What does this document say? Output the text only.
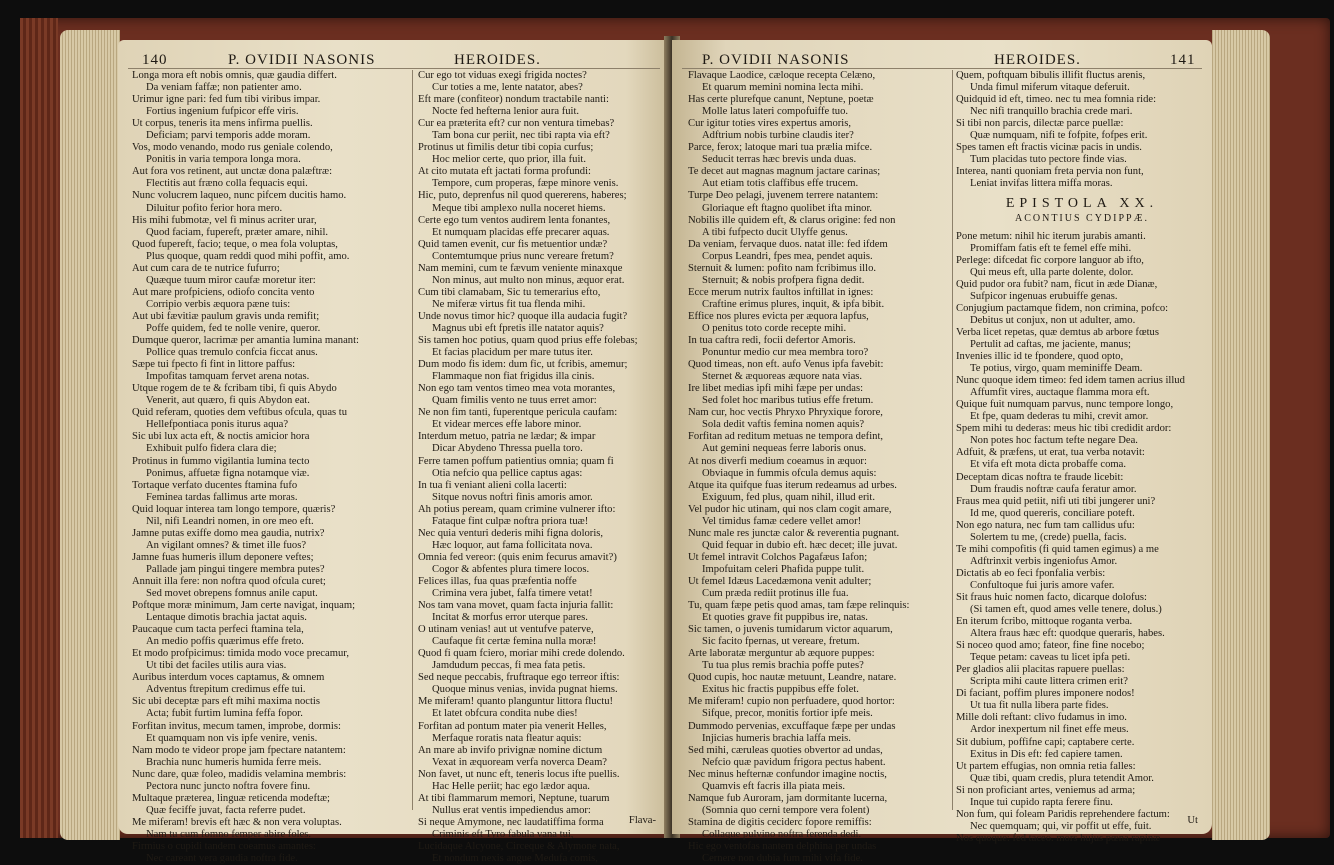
140	P. OVIDII NASONIS	HEROIDES.
Longa mora eft nobis omnis, quæ gaudia differt.
Da veniam faffæ; non patienter amo.
Urimur igne pari: fed fum tibi viribus impar.
Fortius ingenium fufpicor effe viris.
Ut corpus, teneris ita mens infirma puellis.
Deficiam; parvi temporis adde moram.
Vos, modo venando, modo rus geniale colendo,
Ponitis in varia tempora longa mora.
Aut fora vos retinent, aut unctæ dona palæftræ:
Flectitis aut fræno colla fequacis equi.
Nunc volucrem laqueo, nunc pifcem ducitis hamo.
Diluitur pofito ferior hora mero.
His mihi fubmotæ, vel fi minus acriter urar,
Quod faciam, fupereft, præter amare, nihil.
Quod fupereft, facio; teque, o mea fola voluptas,
Plus quoque, quam reddi quod mihi poffit, amo.
Aut cum cara de te nutrice fufurro;
Quæque tuum miror caufæ moretur iter:
Aut mare profpiciens, odiofo concita vento
Corripio verbis æquora pæne tuis:
Aut ubi fævitiæ paulum gravis unda remifit;
Poffe quidem, fed te nolle venire, queror.
Dumque queror, lacrimæ per amantia lumina manant:
Pollice quas tremulo confcia ficcat anus.
Sæpe tui fpecto fi fint in littore paffus:
Impofitas tamquam fervet arena notas.
Utque rogem de te & fcribam tibi, fi quis Abydo
Venerit, aut quæro, fi quis Abydon eat.
Quid referam, quoties dem veftibus ofcula, quas tu
Hellefpontiaca ponis iturus aqua?
Sic ubi lux acta eft, & noctis amicior hora
Exhibuit pulfo fidera clara die;
Protinus in fummo vigilantia lumina tecto
Ponimus, affuetæ figna notamque viæ.
Tortaque verfato ducentes ftamina fufo
Feminea tardas fallimus arte moras.
Quid loquar interea tam longo tempore, quæris?
Nil, nifi Leandri nomen, in ore meo eft.
Jamne putas exiffe domo mea gaudia, nutrix?
An vigilant omnes? & timet ille fuos?
Jamne fuas humeris illum deponere veftes;
Pallade jam pingui tingere membra putes?
Annuit illa fere: non noftra quod ofcula curet;
Sed movet obrepens fomnus anile caput.
Poftque moræ minimum, Jam certe navigat, inquam;
Lentaque dimotis brachia jactat aquis.
Paucaque cum tacta perfeci ftamina tela,
An medio poffis quærimus effe freto.
Et modo profpicimus: timida modo voce precamur,
Ut tibi det faciles utilis aura vias.
Auribus interdum voces captamus, & omnem
Adventus ftrepitum credimus effe tui.
Sic ubi deceptæ pars eft mihi maxima noctis
Acta; fubit furtim lumina feffa fopor.
Forfitan invitus, mecum tamen, improbe, dormis:
Et quamquam non vis ipfe venire, venis.
Nam modo te videor prope jam fpectare natantem:
Brachia nunc humeris humida ferre meis.
Nunc dare, quæ foleo, madidis velamina membris:
Pectora nunc juncto noftra fovere finu.
Multaque præterea, linguæ reticenda modeftæ;
Quæ feciffe juvat, facta referre pudet.
Me miferam! brevis eft hæc & non vera voluptas.
Nam tu cum fomno femper abire foles.
Firmius o cupidi tandem coeamus amantes:
Nec careant vera gaudia noftra fide.
Cur ego tot viduas exegi frigida noctes?
Cur toties a me, lente natator, abes?
Eft mare (confiteor) nondum tractabile nanti:
Nocte fed hefterna lenior aura fuit.
Cur ea præterita eft? cur non ventura timebas?
Tam bona cur periit, nec tibi rapta via eft?
Protinus ut fimilis detur tibi copia curfus;
Hoc melior certe, quo prior, illa fuit.
At cito mutata eft jactati forma profundi:
Tempore, cum properas, fæpe minore venis.
Hic, puto, deprenfus nil quod quererens, haberes;
Meque tibi amplexo nulla noceret hiems.
Certe ego tum ventos audirem lenta fonantes,
Et numquam placidas effe precarer aquas.
Quid tamen evenit, cur fis metuentior undæ?
Contemtumque prius nunc vereare fretum?
Nam memini, cum te fævum veniente minaxque
Non minus, aut multo non minus, æquor erat.
Cum tibi clamabam, Sic tu temerarius efto,
Ne miferæ virtus fit tua flenda mihi.
Unde novus timor hic? quoque illa audacia fugit?
Magnus ubi eft fpretis ille natator aquis?
Sis tamen hoc potius, quam quod prius effe folebas;
Et facias placidum per mare tutus iter.
Dum modo fis idem: dum fic, ut fcribis, amemur;
Flammaque non fiat frigidus illa cinis.
Non ego tam ventos timeo mea vota morantes,
Quam fimilis vento ne tuus erret amor:
Ne non fim tanti, fuperentque pericula caufam:
Et videar merces effe labore minor.
Interdum metuo, patria ne lædar; & impar
Dicar Abydeno Thressa puella toro.
Ferre tamen poffum patientius omnia; quam fi
Otia nefcio qua pellice captus agas:
In tua fi veniant alieni colla lacerti:
Sitque novus noftri finis amoris amor.
Ah potius peream, quam crimine vulnerer ifto:
Fataque fint culpæ noftra priora tuæ!
Nec quia venturi dederis mihi figna doloris,
Hæc loquor, aut fama follicitata nova.
Omnia fed vereor: (quis enim fecurus amavit?)
Cogor & abfentes plura timere locos.
Felices illas, fua quas præfentia noffe
Crimina vera jubet, falfa timere vetat!
Nos tam vana movet, quam facta injuria fallit:
Incitat & morfus error uterque pares.
O utinam venias! aut ut ventufve paterve,
Caufaque fit certæ femina nulla moræ!
Quod fi quam fciero, moriar mihi crede dolendo.
Jamdudum peccas, fi mea fata petis.
Sed neque peccabis, fruftraque ego terreor iftis:
Quoque minus venias, invida pugnat hiems.
Me miferam! quanto planguntur littora fluctu!
Et latet obfcura condita nube dies!
Forfitan ad pontum mater pia venerit Helles,
Merfaque roratis nata fleatur aquis:
An mare ab invifo privignæ nomine dictum
Vexat in æquoream verfa noverca Deam?
Non favet, ut nunc eft, teneris locus ifte puellis.
Hac Helle periit; hac ego lædor aqua.
At tibi flammarum memori, Neptune, tuarum
Nullus erat ventis impediendus amor:
Si neque Amymone, nec laudatiffima forma
Criminis eft Tyro fabula vana tui,
Lucidaque Alcyone, Circeque & Alymone nata,
Et nondum nexis angue Medufa comis,
Flava-
P. OVIDII NASONIS	HEROIDES.	141
Flavaque Laodice, cæloque recepta Celæno,
Et quarum memini nomina lecta mihi.
Has certe plurefque canunt, Neptune, poetæ
Molle latus lateri compofuiffe tuo.
Cur igitur toties vires expertus amoris,
Adftrium nobis turbine claudis iter?
Parce, ferox; latoque mari tua prælia mifce.
Seducit terras hæc brevis unda duas.
Te decet aut magnas magnum jactare carinas;
Aut etiam totis claffibus effe trucem.
Turpe Deo pelagi, juvenem terrere natantem:
Gloriaque eft ftagno quolibet ifta minor.
Nobilis ille quidem eft, & clarus origine: fed non
A tibi fufpecto ducit Ulyffe genus.
Da veniam, fervaque duos. natat ille: fed ifdem
Corpus Leandri, fpes mea, pendet aquis.
Sternuit & lumen: pofito nam fcribimus illo.
Sternuit; & nobis profpera figna dedit.
Ecce merum nutrix faultos inftillat in ignes:
Craftine erimus plures, inquit, & ipfa bibit.
Effice nos plures evicta per æquora lapfus,
O penitus toto corde recepte mihi.
In tua caftra redi, focii defertor Amoris.
Ponuntur medio cur mea membra toro?
Quod timeas, non eft. aufo Venus ipfa favebit:
Sternet & æquoreas æquore nata vias.
Ire libet medias ipfi mihi fæpe per undas:
Sed folet hoc maribus tutius effe fretum.
Nam cur, hoc vectis Phryxo Phryxique forore,
Sola dedit vaftis femina nomen aquis?
Forfitan ad reditum metuas ne tempora defint,
Aut gemini nequeas ferre laboris onus.
At nos diverfi medium coeamus in æquor:
Obviaque in fummis ofcula demus aquis:
Atque ita quifque fuas iterum redeamus ad urbes.
Exiguum, fed plus, quam nihil, illud erit.
Vel pudor hic utinam, qui nos clam cogit amare,
Vel timidus famæ cedere vellet amor!
Nunc male res junctæ calor & reverentia pugnant.
Quid fequar in dubio eft. hæc decet; ille juvat.
Ut femel intravit Colchos Pagafæus Iafon;
Impofuitam celeri Phafida puppe tulit.
Ut femel Idæus Lacedæmona venit adulter;
Cum præda rediit protinus ille fua.
Tu, quam fæpe petis quod amas, tam fæpe relinquis:
Et quoties grave fit puppibus ire, natas.
Sic tamen, o juvenis tumidarum victor aquarum,
Sic facito fpernas, ut vereare, fretum.
Arte laboratæ merguntur ab æquore puppes:
Tu tua plus remis brachia poffe putes?
Quod cupis, hoc nautæ metuunt, Leandre, natare.
Exitus hic fractis puppibus effe folet.
Me miferam! cupio non perfuadere, quod hortor:
Sifque, precor, monitis fortior ipfe meis.
Dummodo pervenias, excuffaque fæpe per undas
Injicias humeris brachia laffa meis.
Sed mihi, cæruleas quoties obvertor ad undas,
Nefcio quæ pavidum frigora pectus habent.
Nec minus hefternæ confundor imagine noctis,
Quamvis eft facris illa piata meis.
Namque fub Auroram, jam dormitante lucerna,
(Somnia quo cerni tempore vera folent)
Stamina de digitis ceciderc fopore remiffis:
Collaque pulvino noftra ferenda dedi.
Hic ego ventofas nantem delphina per undas
Cernere non dubia fum mihi vifa fide.
Quem, poftquam bibulis illifit fluctus arenis,
Unda fimul miferum vitaque deferuit.
Quidquid id eft, timeo. nec tu mea fomnia ride:
Nec nifi tranquillo brachia crede mari.
Si tibi non parcis, dilectæ parce puellæ:
Quæ numquam, nifi te fofpite, fofpes erit.
Spes tamen eft fractis vicinæ pacis in undis.
Tum placidas tuto pectore finde vias.
Interea, nanti quoniam freta pervia non funt,
Leniat invifas littera miffa moras.
EPISTOLA XX.
ACONTIUS CYDIPPÆ.
Pone metum: nihil hic iterum jurabis amanti.
Promiffam fatis eft te femel effe mihi.
Perlege: difcedat fic corpore languor ab ifto,
Qui meus eft, ulla parte dolente, dolor.
Quid pudor ora fubit? nam, ficut in æde Dianæ,
Sufpicor ingenuas erubuiffe genas.
Conjugium pactamque fidem, non crimina, pofco:
Debitus ut conjux, non ut adulter, amo.
Verba licet repetas, quæ demtus ab arbore fœtus
Pertulit ad caftas, me jaciente, manus;
Invenies illic id te fpondere, quod opto,
Te potius, virgo, quam meminiffe Deam.
Nunc quoque idem timeo: fed idem tamen acrius illud
Affumfit vires, auctaque flamma mora eft.
Quique fuit numquam parvus, nunc tempore longo,
Et fpe, quam dederas tu mihi, crevit amor.
Spem mihi tu dederas: meus hic tibi credidit ardor:
Non potes hoc factum tefte negare Dea.
Adfuit, & præfens, ut erat, tua verba notavit:
Et vifa eft mota dicta probaffe coma.
Deceptam dicas noftra te fraude licebit:
Dum fraudis noftræ caufa feratur amor.
Fraus mea quid petiit, nifi uti tibi jungerer uni?
Id me, quod quereris, conciliare poteft.
Non ego natura, nec fum tam callidus ufu:
Solertem tu me, (crede) puella, facis.
Te mihi compofitis (fi quid tamen egimus) a me
Adftrinxit verbis ingeniofus Amor.
Dictatis ab eo feci fponfalia verbis:
Confultoque fui juris amore vafer.
Sit fraus huic nomen facto, dicarque dolofus:
(Si tamen eft, quod ames velle tenere, dolus.)
En iterum fcribo, mittoque roganta verba.
Altera fraus hæc eft: quodque queraris, habes.
Si noceo quod amo; fateor, fine fine nocebo;
Teque petam: caveas tu licet ipfa peti.
Per gladios alii placitas rapuere puellas:
Scripta mihi caute littera crimen erit?
Di faciant, poffim plures imponere nodos!
Ut tua fit nulla libera parte fides.
Mille doli reftant: clivo fudamus in imo.
Ardor inexpertum nil finet effe meus.
Sit dubium, poffifne capi; captabere certe.
Exitus in Dis eft: fed capiere tamen.
Ut partem effugias, non omnia retia falles:
Quæ tibi, quam credis, plura tetendit Amor.
Si non proficiant artes, veniemus ad arma;
Inque tui cupido rapta ferere finu.
Non fum, qui foleam Paridis reprehendere factum:
Nec quemquam; qui, vir poffit ut effe, fuit.
Nos quoque: fed taceo. mors hujus pœna rapinæ
Ut
